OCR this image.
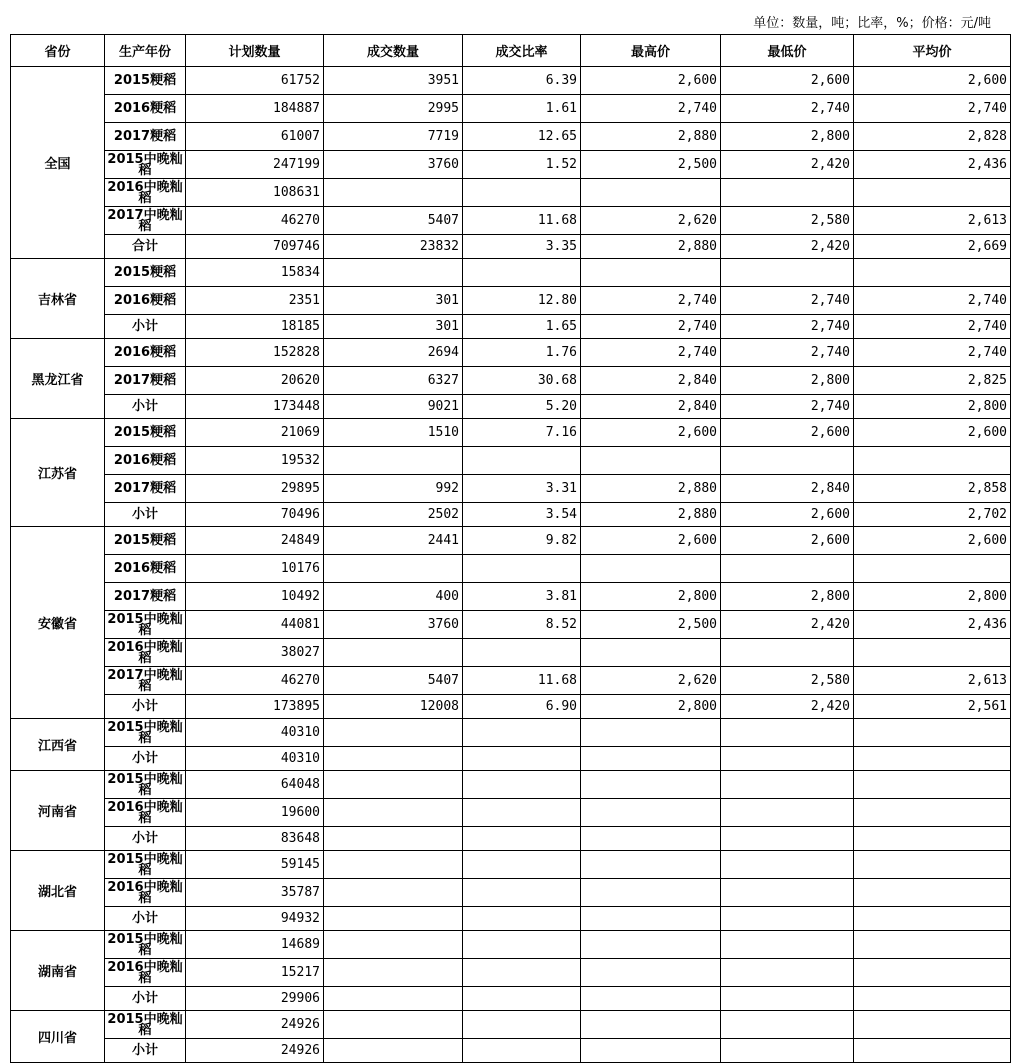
单位：数量，吨；比率，%；价格：元/吨
省份	生产年份	计划数量	成交数量	成交比率	最高价	最低价	平均价
全国	2015粳稻	61752	3951	6.39	2,600	2,600	2,600
	2016粳稻	184887	2995	1.61	2,740	2,740	2,740
	2017粳稻	61007	7719	12.65	2,880	2,800	2,828
	2015中晚籼稻	247199	3760	1.52	2,500	2,420	2,436
	2016中晚籼稻	108631					
	2017中晚籼稻	46270	5407	11.68	2,620	2,580	2,613
	合计	709746	23832	3.35	2,880	2,420	2,669
吉林省	2015粳稻	15834					
	2016粳稻	2351	301	12.80	2,740	2,740	2,740
	小计	18185	301	1.65	2,740	2,740	2,740
黑龙江省	2016粳稻	152828	2694	1.76	2,740	2,740	2,740
	2017粳稻	20620	6327	30.68	2,840	2,800	2,825
	小计	173448	9021	5.20	2,840	2,740	2,800
江苏省	2015粳稻	21069	1510	7.16	2,600	2,600	2,600
	2016粳稻	19532					
	2017粳稻	29895	992	3.31	2,880	2,840	2,858
	小计	70496	2502	3.54	2,880	2,600	2,702
安徽省	2015粳稻	24849	2441	9.82	2,600	2,600	2,600
	2016粳稻	10176					
	2017粳稻	10492	400	3.81	2,800	2,800	2,800
	2015中晚籼稻	44081	3760	8.52	2,500	2,420	2,436
	2016中晚籼稻	38027					
	2017中晚籼稻	46270	5407	11.68	2,620	2,580	2,613
	小计	173895	12008	6.90	2,800	2,420	2,561
江西省	2015中晚籼稻	40310					
	小计	40310					
河南省	2015中晚籼稻	64048					
	2016中晚籼稻	19600					
	小计	83648					
湖北省	2015中晚籼稻	59145					
	2016中晚籼稻	35787					
	小计	94932					
湖南省	2015中晚籼稻	14689					
	2016中晚籼稻	15217					
	小计	29906					
四川省	2015中晚籼稻	24926					
	小计	24926					
